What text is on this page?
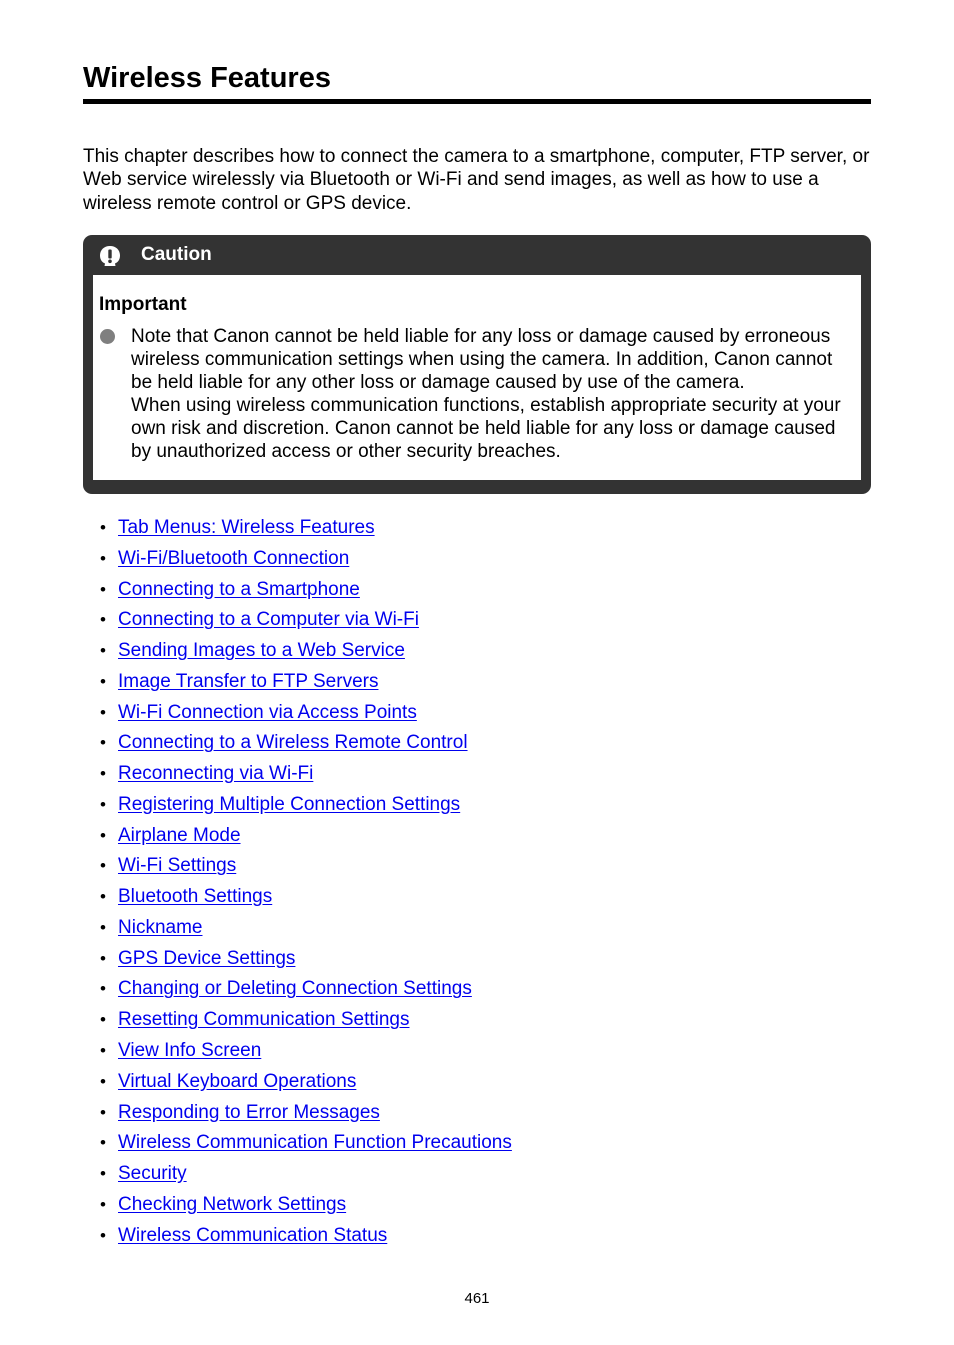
Wireless Features

This chapter describes how to connect the camera to a smartphone, computer, FTP server, or Web service wirelessly via Bluetooth or Wi-Fi and send images, as well as how to use a wireless remote control or GPS device.

Caution
Important

Note that Canon cannot be held liable for any loss or damage caused by erroneous wireless communication settings when using the camera. In addition, Canon cannot be held liable for any other loss or damage caused by use of the camera.

When using wireless communication functions, establish appropriate security at your own risk and discretion. Canon cannot be held liable for any loss or damage caused by unauthorized access or other security breaches.

• Tab Menus: Wireless Features
• Wi-Fi/Bluetooth Connection
• Connecting to a Smartphone
• Connecting to a Computer via Wi-Fi
• Sending Images to a Web Service
• Image Transfer to FTP Servers
• Wi-Fi Connection via Access Points
• Connecting to a Wireless Remote Control
• Reconnecting via Wi-Fi
• Registering Multiple Connection Settings
• Airplane Mode
• Wi-Fi Settings
• Bluetooth Settings
• Nickname
• GPS Device Settings
• Changing or Deleting Connection Settings
• Resetting Communication Settings
• View Info Screen
• Virtual Keyboard Operations
• Responding to Error Messages
• Wireless Communication Function Precautions
• Security
• Checking Network Settings
• Wireless Communication Status
461
